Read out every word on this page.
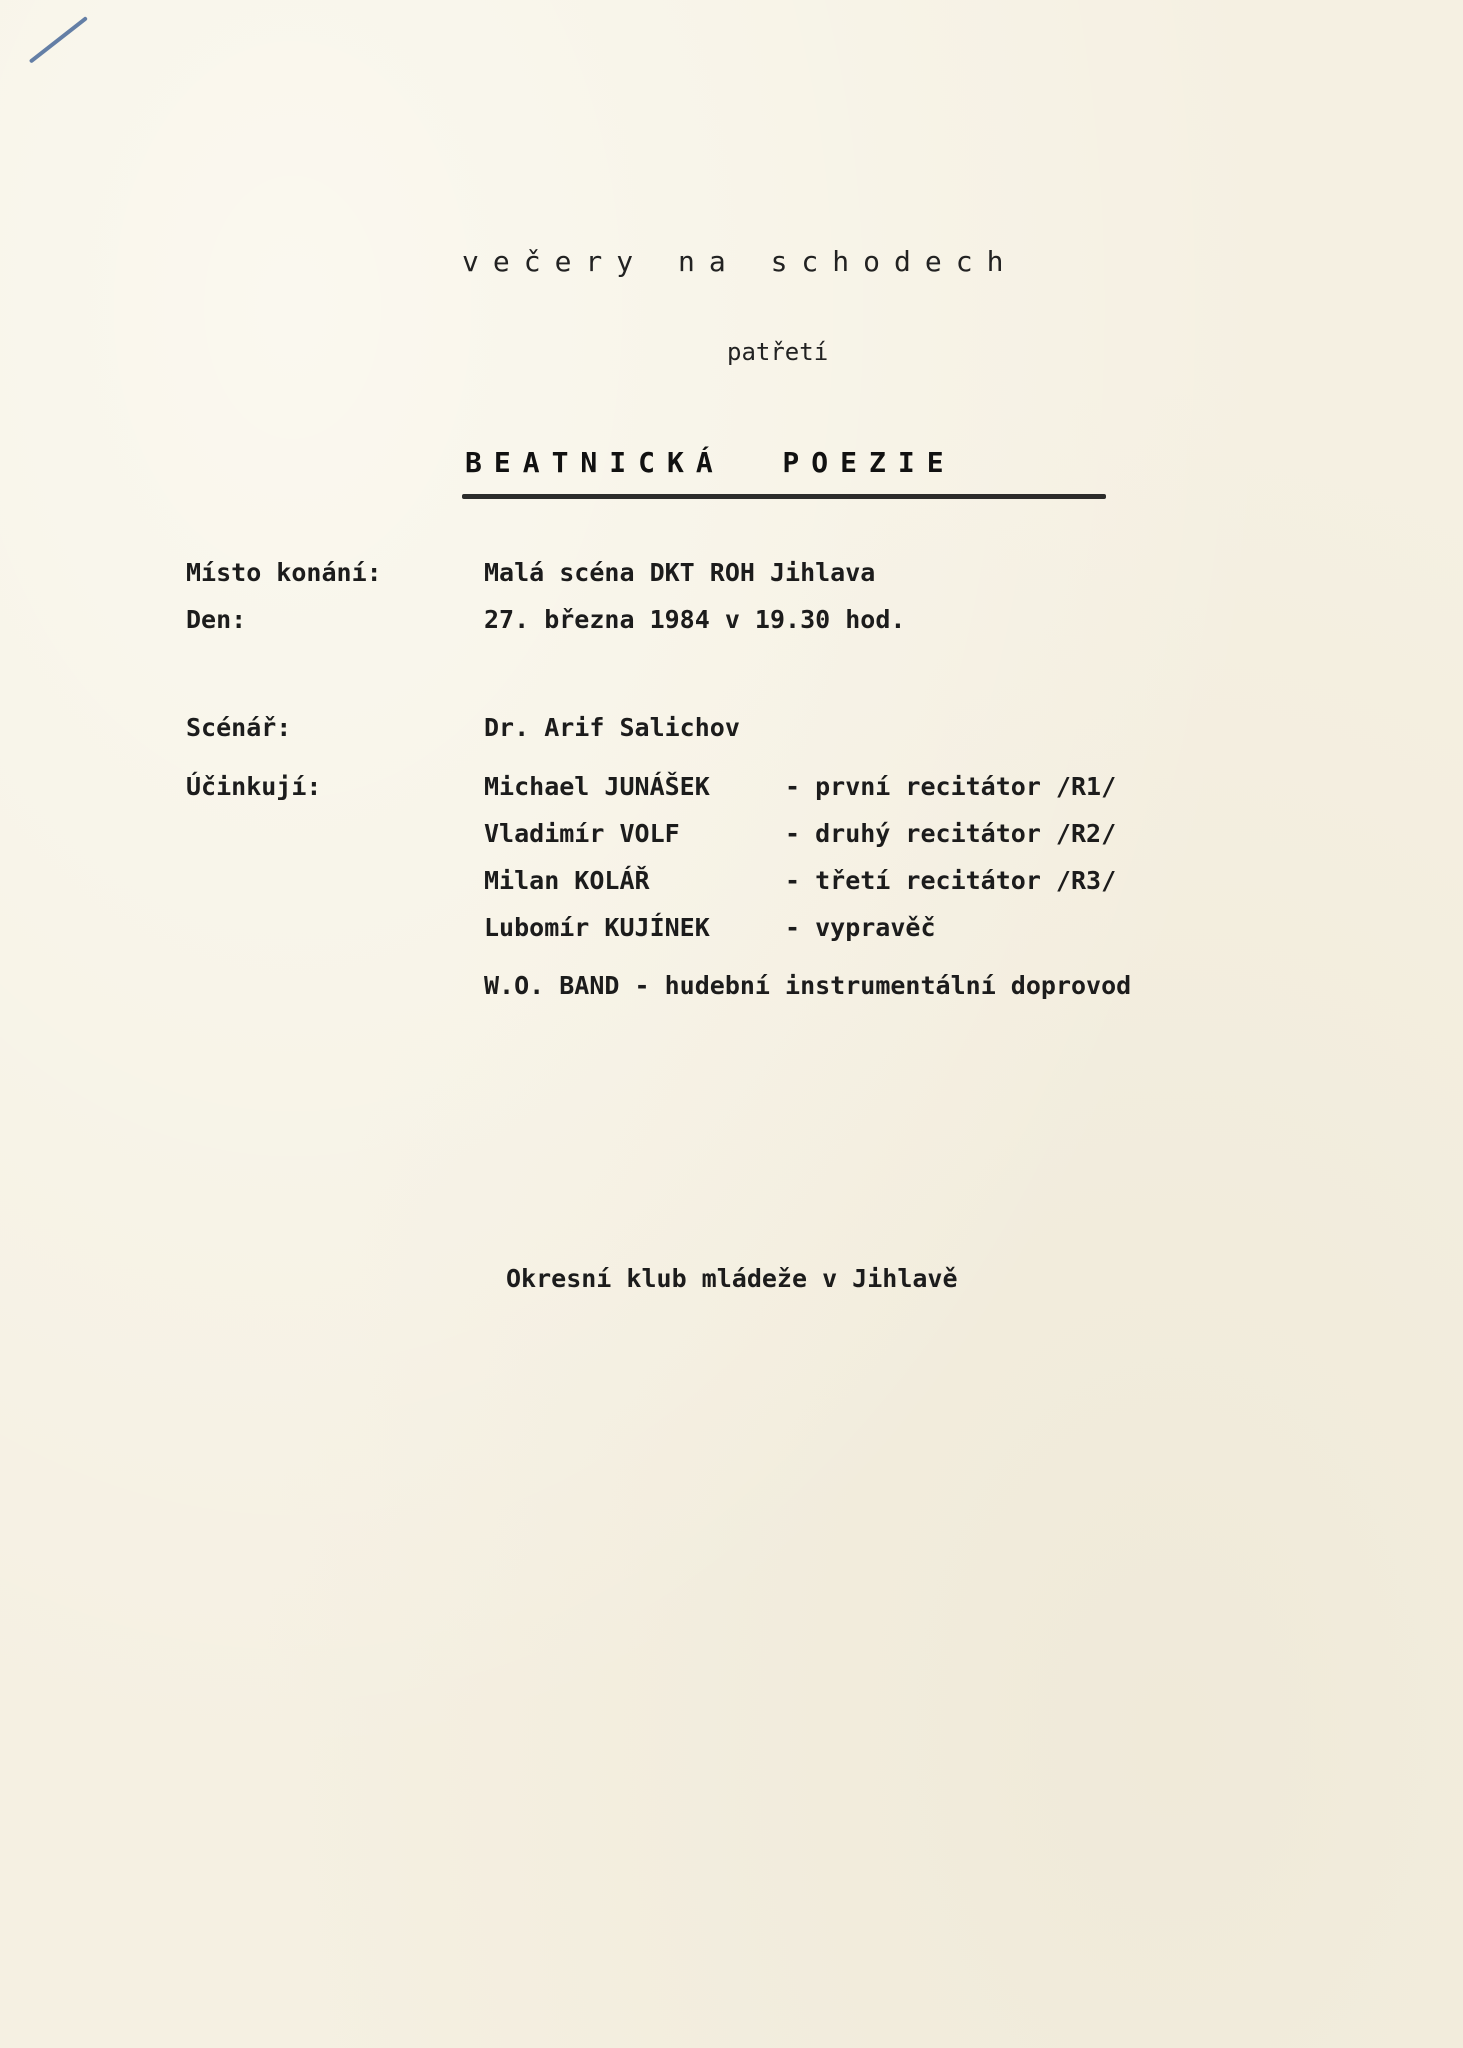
večery na schodech
patřetí
BEATNICKÁ  POEZIE
Místo konání:	Malá scéna DKT ROH Jihlava
Den:	27. března 1984 v 19.30 hod.
Scénář:	Dr. Arif Salichov
Účinkují:	Michael JUNÁŠEK	- první recitátor /R1/
Vladimír VOLF	- druhý recitátor /R2/
Milan KOLÁŘ	- třetí recitátor /R3/
Lubomír KUJÍNEK	- vypravěč
W.O. BAND - hudební instrumentální doprovod
Okresní klub mládeže v Jihlavě
